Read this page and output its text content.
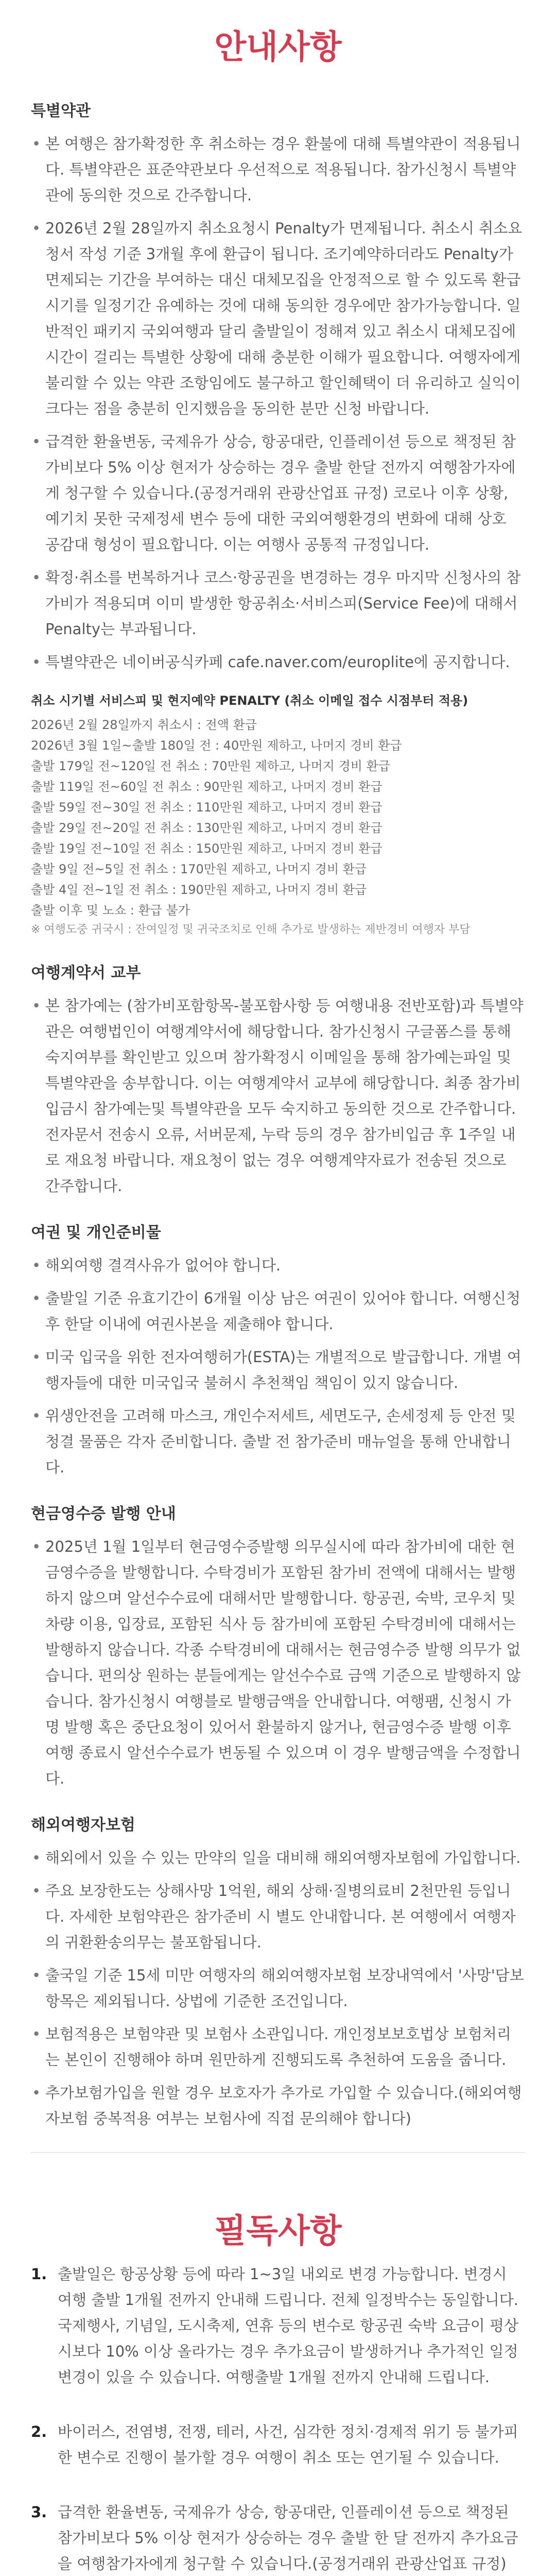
안내사항
특별약관
• 본 여행은 참가확정한 후 취소하는 경우 환불에 대해 특별약관이 적용됩니다. 특별약관은 표준약관보다 우선적으로 적용됩니다. 참가신청시 특별약관에 동의한 것으로 간주합니다.
• 2026년 2월 28일까지 취소요청시 Penalty가 면제됩니다. 취소시 취소요청서 작성 기준 3개월 후에 환급이 됩니다. 조기예약하더라도 Penalty가 면제되는 기간을 부여하는 대신 대체모집을 안정적으로 할 수 있도록 환급시기를 일정기간 유예하는 것에 대해 동의한 경우에만 참가가능합니다. 일반적인 패키지 국외여행과 달리 출발일이 정해져 있고 취소시 대체모집에 시간이 걸리는 특별한 상황에 대해 충분한 이해가 필요합니다. 여행자에게 불리할 수 있는 약관 조항임에도 불구하고 할인혜택이 더 유리하고 실익이 크다는 점을 충분히 인지했음을 동의한 분만 신청 바랍니다.
• 급격한 환율변동, 국제유가 상승, 항공대란, 인플레이션 등으로 책정된 참가비보다 5% 이상 현저가 상승하는 경우 출발 한달 전까지 여행참가자에게 청구할 수 있습니다.(공정거래위 관광산업표 규정) 코로나 이후 상황, 예기치 못한 국제정세 변수 등에 대한 국외여행환경의 변화에 대해 상호 공감대 형성이 필요합니다. 이는 여행사 공통적 규정입니다.
• 확정·취소를 번복하거나 코스·항공권을 변경하는 경우 마지막 신청사의 참가비가 적용되며 이미 발생한 항공취소·서비스피(Service Fee)에 대해서 Penalty는 부과됩니다.
• 특별약관은 네이버공식카페 cafe.naver.com/europlite에 공지합니다.
취소 시기별 서비스피 및 현지예약 PENALTY (취소 이메일 접수 시점부터 적용)
2026년 2월 28일까지 취소시 : 전액 환급
2026년 3월 1일~출발 180일 전 : 40만원 제하고, 나머지 경비 환급
출발 179일 전~120일 전 취소 : 70만원 제하고, 나머지 경비 환급
출발 119일 전~60일 전 취소 : 90만원 제하고, 나머지 경비 환급
출발 59일 전~30일 전 취소 : 110만원 제하고, 나머지 경비 환급
출발 29일 전~20일 전 취소 : 130만원 제하고, 나머지 경비 환급
출발 19일 전~10일 전 취소 : 150만원 제하고, 나머지 경비 환급
출발 9일 전~5일 전 취소 : 170만원 제하고, 나머지 경비 환급
출발 4일 전~1일 전 취소 : 190만원 제하고, 나머지 경비 환급
출발 이후 및 노쇼 : 환급 불가
※ 여행도중 귀국시 : 잔여일정 및 귀국조치로 인해 추가로 발생하는 제반경비 여행자 부담
여행계약서 교부
• 본 참가예는 (참가비포함항목-불포함사항 등 여행내용 전반포함)과 특별약관은 여행법인이 여행계약서에 해당합니다. 참가신청시 구글폼스를 통해 숙지여부를 확인받고 있으며 참가확정시 이메일을 통해 참가예는파일 및 특별약관을 송부합니다. 이는 여행계약서 교부에 해당합니다. 최종 참가비입금시 참가예는및 특별약관을 모두 숙지하고 동의한 것으로 간주합니다. 전자문서 전송시 오류, 서버문제, 누락 등의 경우 참가비입금 후 1주일 내로 재요청 바랍니다. 재요청이 없는 경우 여행계약자료가 전송된 것으로 간주합니다.
여권 및 개인준비물
• 해외여행 결격사유가 없어야 합니다.
• 출발일 기준 유효기간이 6개월 이상 남은 여권이 있어야 합니다. 여행신청 후 한달 이내에 여권사본을 제출해야 합니다.
• 미국 입국을 위한 전자여행허가(ESTA)는 개별적으로 발급합니다. 개별 여행자들에 대한 미국입국 불허시 추천책임 책임이 있지 않습니다.
• 위생안전을 고려해 마스크, 개인수저세트, 세면도구, 손세정제 등 안전 및 청결 물품은 각자 준비합니다. 출발 전 참가준비 매뉴얼을 통해 안내합니다.
현금영수증 발행 안내
• 2025년 1월 1일부터 현금영수증발행 의무실시에 따라 참가비에 대한 현금영수증을 발행합니다. 수탁경비가 포함된 참가비 전액에 대해서는 발행하지 않으며 알선수수료에 대해서만 발행합니다. 항공권, 숙박, 코우치 및 차량 이용, 입장료, 포함된 식사 등 참가비에 포함된 수탁경비에 대해서는 발행하지 않습니다. 각종 수탁경비에 대해서는 현금영수증 발행 의무가 없습니다. 편의상 원하는 분들에게는 알선수수료 금액 기준으로 발행하지 않습니다. 참가신청시 여행블로 발행금액을 안내합니다. 여행팸, 신청시 가명 발행 혹은 중단요청이 있어서 환불하지 않거나, 현금영수증 발행 이후 여행 종료시 알선수수료가 변동될 수 있으며 이 경우 발행금액을 수정합니다.
해외여행자보험
• 해외에서 있을 수 있는 만약의 일을 대비해 해외여행자보험에 가입합니다.
• 주요 보장한도는 상해사망 1억원, 해외 상해·질병의료비 2천만원 등입니다. 자세한 보험약관은 참가준비 시 별도 안내합니다. 본 여행에서 여행자의 귀환환송의무는 불포함됩니다.
• 출국일 기준 15세 미만 여행자의 해외여행자보험 보장내역에서 '사망'담보항목은 제외됩니다. 상법에 기준한 조건입니다.
• 보험적용은 보험약관 및 보험사 소관입니다. 개인정보보호법상 보험처리는 본인이 진행해야 하며 원만하게 진행되도록 추천하여 도움을 줍니다.
• 추가보험가입을 원할 경우 보호자가 추가로 가입할 수 있습니다.(해외여행자보험 중복적용 여부는 보험사에 직접 문의해야 합니다)
필독사항
1. 출발일은 항공상황 등에 따라 1~3일 내외로 변경 가능합니다. 변경시 여행 출발 1개월 전까지 안내해 드립니다. 전체 일정박수는 동일합니다. 국제행사, 기념일, 도시축제, 연휴 등의 변수로 항공권 숙박 요금이 평상시보다 10% 이상 올라가는 경우 추가요금이 발생하거나 추가적인 일정변경이 있을 수 있습니다. 여행출발 1개월 전까지 안내해 드립니다.
2. 바이러스, 전염병, 전쟁, 테러, 사건, 심각한 정치·경제적 위기 등 불가피한 변수로 진행이 불가할 경우 여행이 취소 또는 연기될 수 있습니다.
3. 급격한 환율변동, 국제유가 상승, 항공대란, 인플레이션 등으로 책정된 참가비보다 5% 이상 현저가 상승하는 경우 출발 한 달 전까지 추가요금을 여행참가자에게 청구할 수 있습니다.(공정거래위 관광산업표 규정)
